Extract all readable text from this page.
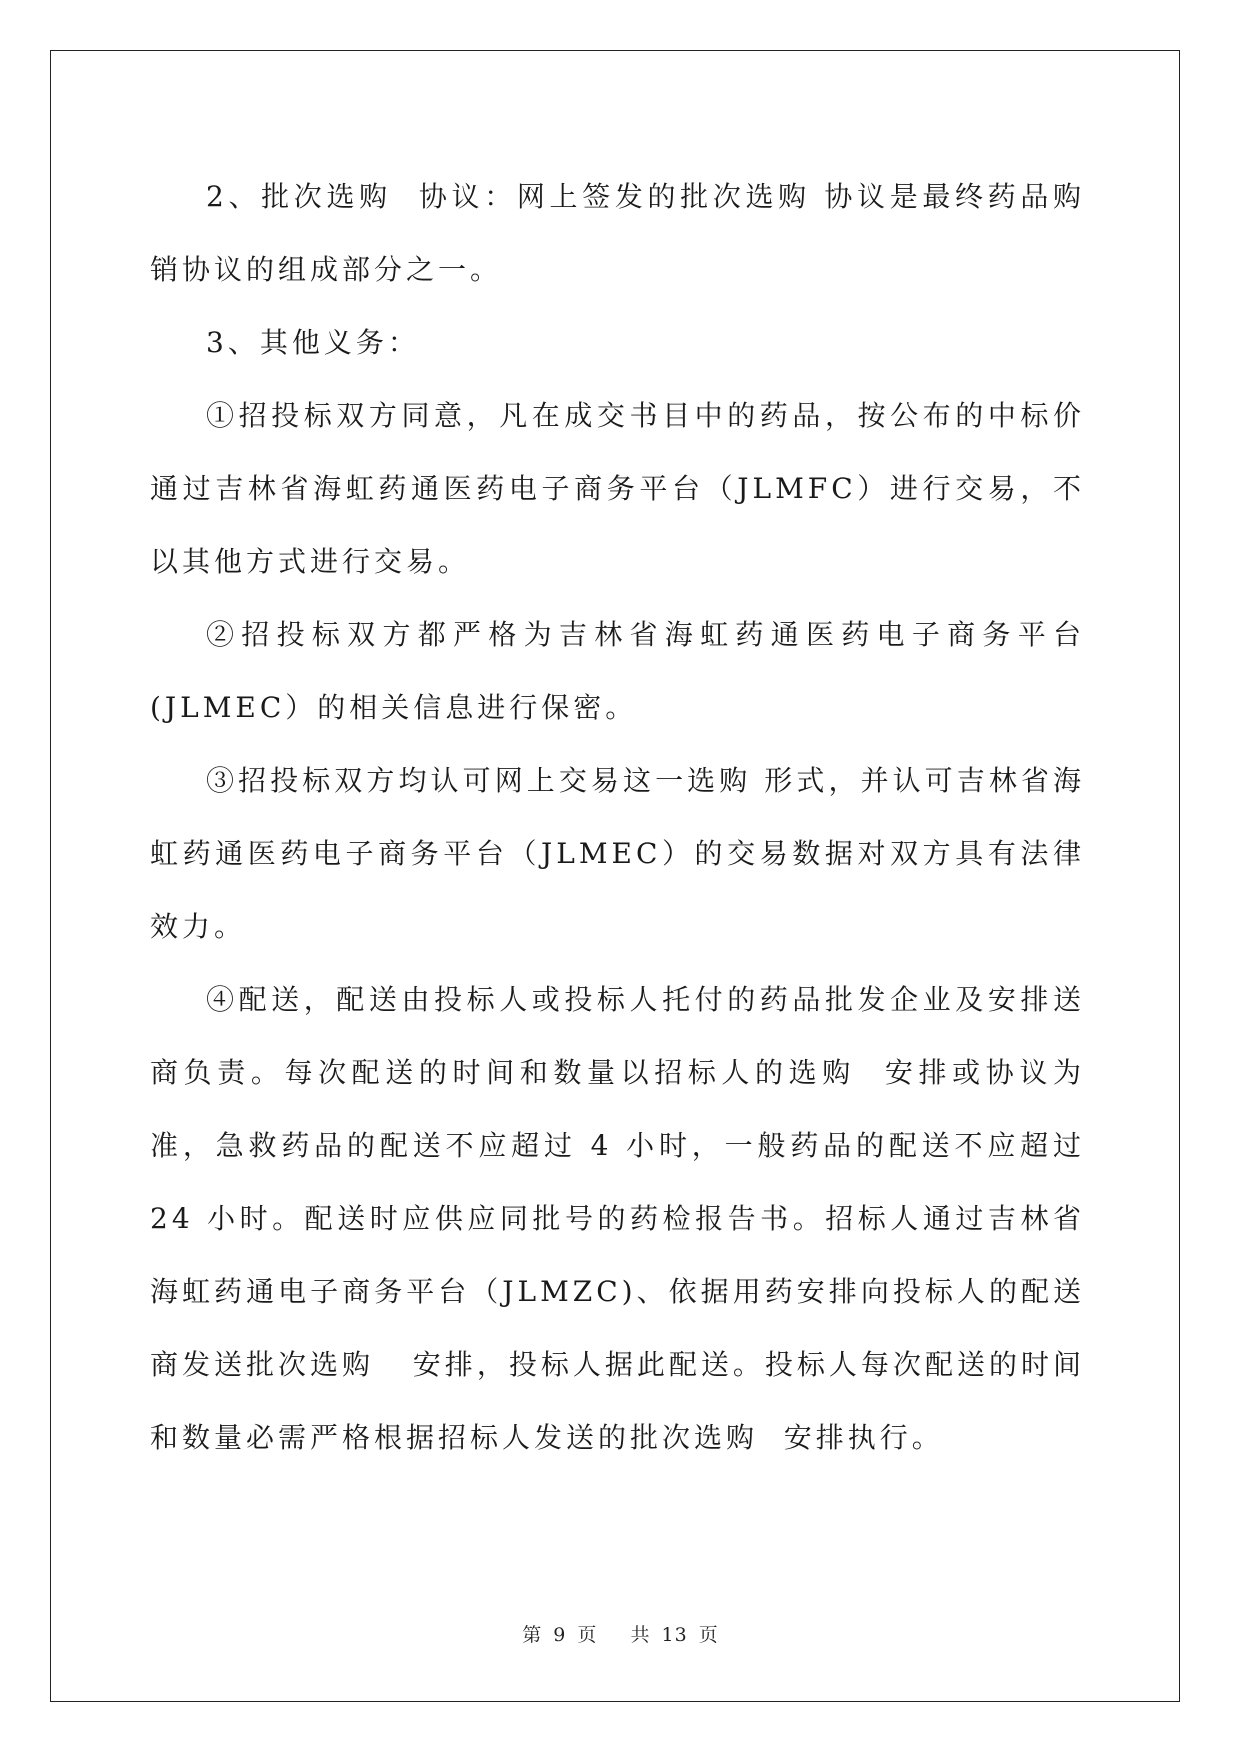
2、批次选购  协议：网上签发的批次选购 协议是最终药品购销协议的组成部分之一。

3、其他义务：

①招投标双方同意，凡在成交书目中的药品，按公布的中标价通过吉林省海虹药通医药电子商务平台（JLMFC）进行交易，不以其他方式进行交易。

②招投标双方都严格为吉林省海虹药通医药电子商务平台(JLMEC）的相关信息进行保密。

③招投标双方均认可网上交易这一选购 形式，并认可吉林省海虹药通医药电子商务平台（JLMEC）的交易数据对双方具有法律效力。

④配送，配送由投标人或投标人托付的药品批发企业及安排送商负责。每次配送的时间和数量以招标人的选购  安排或协议为准，急救药品的配送不应超过 4 小时，一般药品的配送不应超过 24 小时。配送时应供应同批号的药检报告书。招标人通过吉林省海虹药通电子商务平台（JLMZC)、依据用药安排向投标人的配送商发送批次选购   安排，投标人据此配送。投标人每次配送的时间和数量必需严格根据招标人发送的批次选购  安排执行。

第 9 页   共 13 页
